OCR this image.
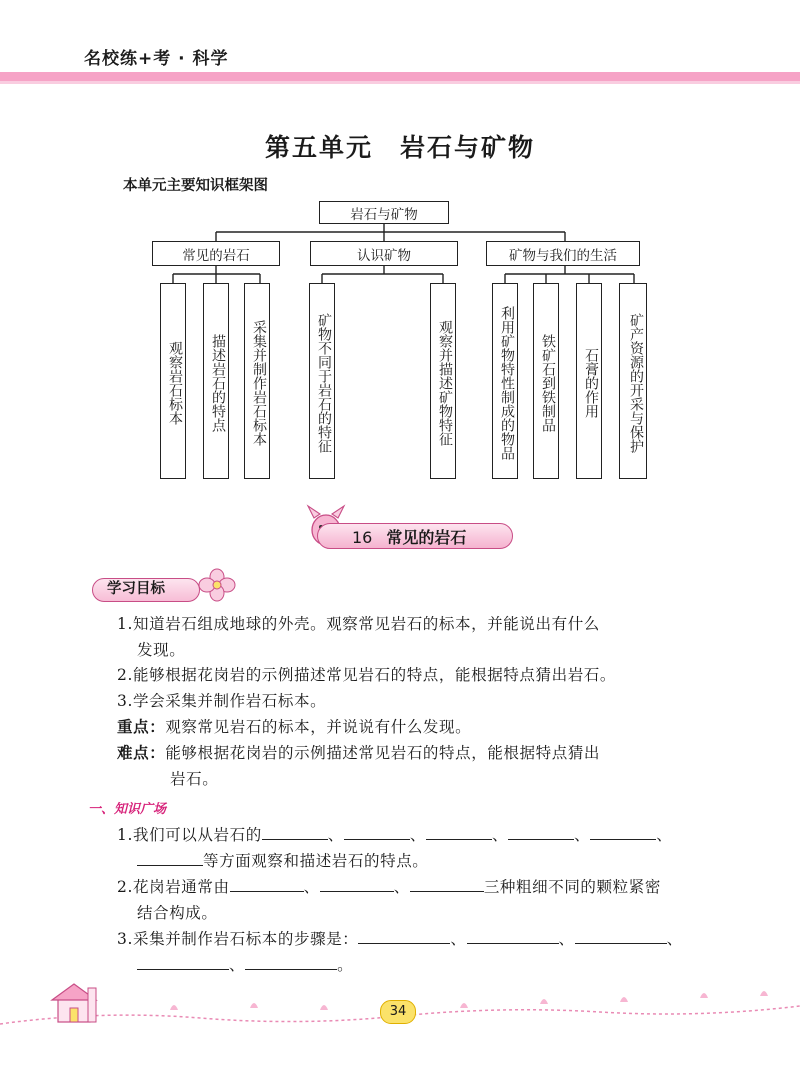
名校练+考 · 科学
第五单元　岩石与矿物
本单元主要知识框架图
岩石与矿物
常见的岩石	认识矿物	矿物与我们的生活
观察岩石标本	描述岩石的特点	采集并制作岩石标本	矿物不同于岩石的特征	观察并描述矿物特征	利用矿物特性制成的物品	铁矿石到铁制品	石膏的作用	矿产资源的开采与保护
16 常见的岩石
学习目标
1.知道岩石组成地球的外壳。观察常见岩石的标本，并能说出有什么
发现。
2.能够根据花岗岩的示例描述常见岩石的特点，能根据特点猜出岩石。
3.学会采集并制作岩石标本。
重点：观察常见岩石的标本，并说说有什么发现。
难点：能够根据花岗岩的示例描述常见岩石的特点，能根据特点猜出
岩石。
一、知识广场
1.我们可以从岩石的	、	、	、	、	、
等方面观察和描述岩石的特点。
2.花岗岩通常由	、	、	三种粗细不同的颗粒紧密
结合构成。
3.采集并制作岩石标本的步骤是：	、	、	、
、	。
34
